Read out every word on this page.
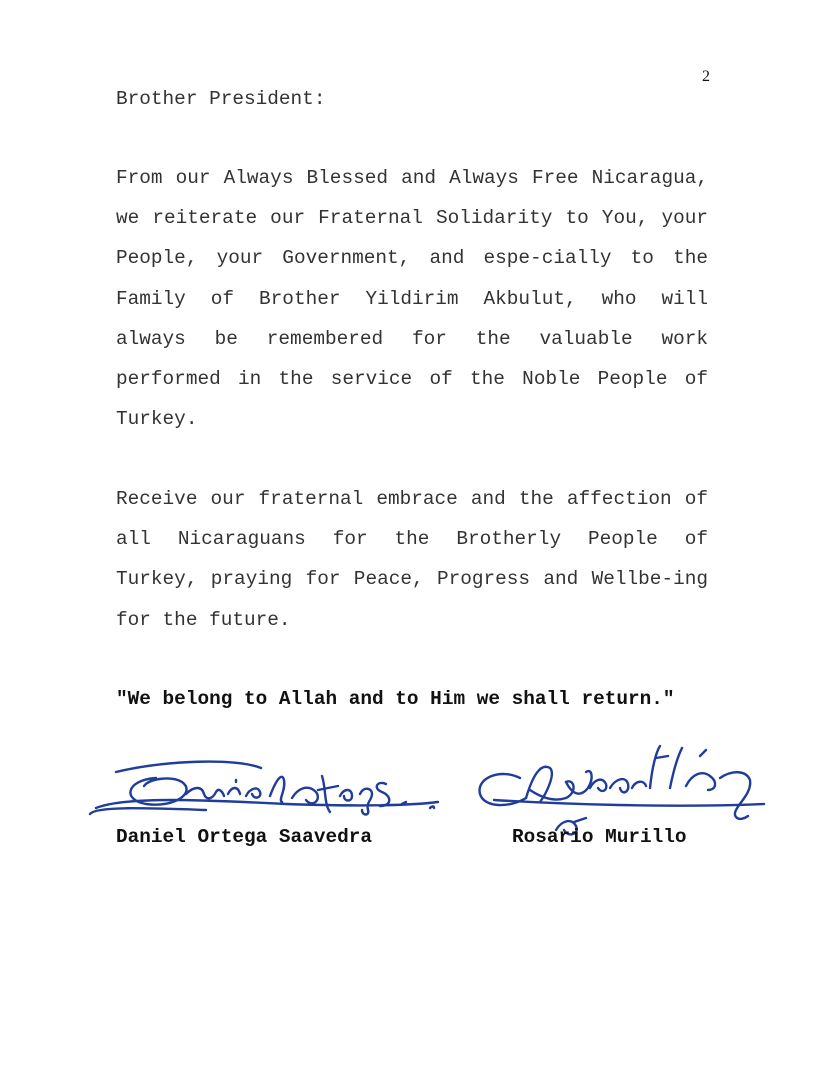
2

Brother President:

From our Always Blessed and Always Free Nicaragua, we reiterate our Fraternal Solidarity to You, your People, your Government, and espe-cially to the Family of Brother Yildirim Akbulut, who will always be remembered for the valuable work performed in the service of the Noble People of Turkey.

Receive our fraternal embrace and the affection of all Nicaraguans for the Brotherly People of Turkey, praying for Peace, Progress and Wellbe-ing for the future.

"We belong to Allah and to Him we shall return."

Daniel Ortega Saavedra	Rosario Murillo
